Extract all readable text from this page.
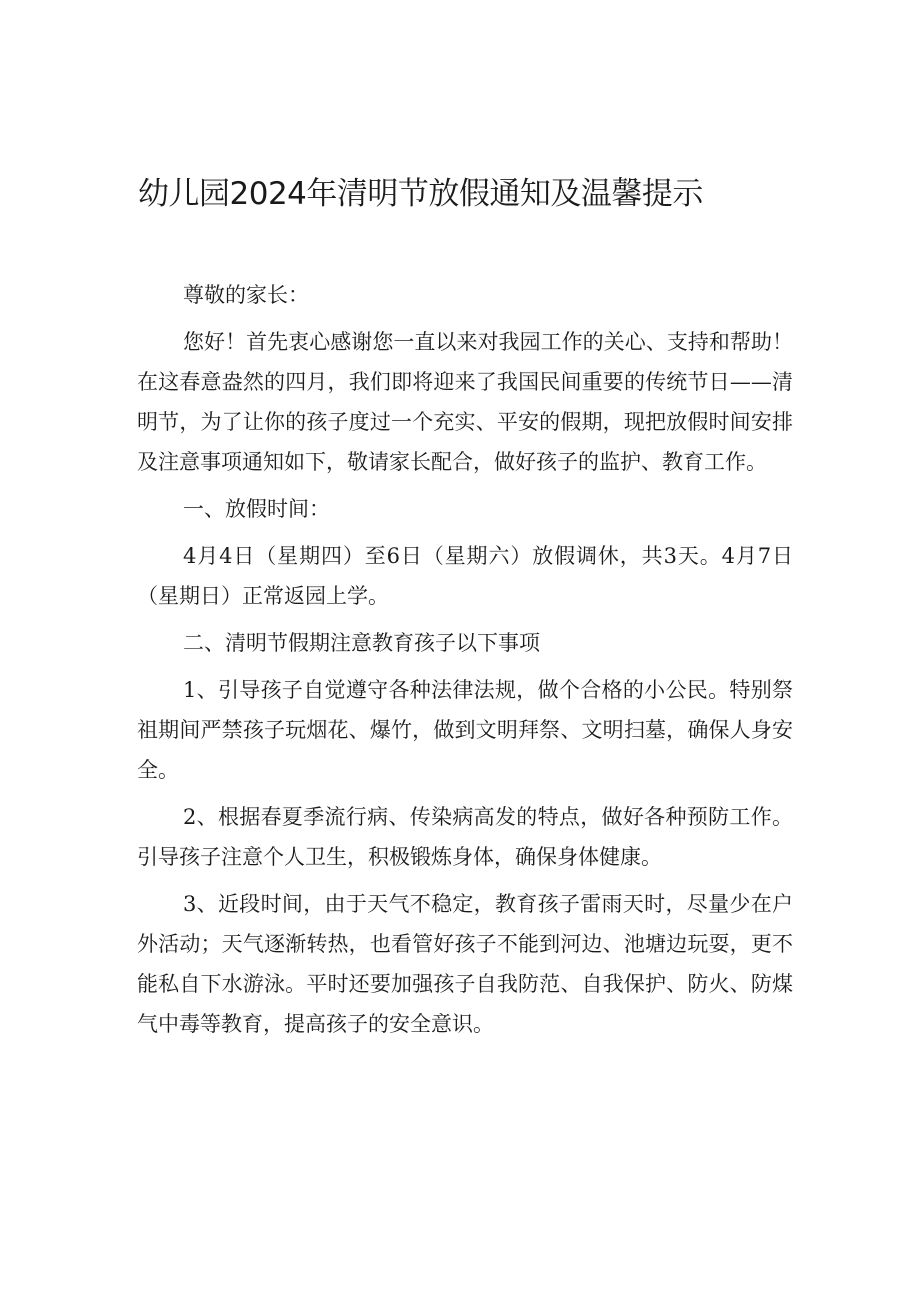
幼儿园2024年清明节放假通知及温馨提示

尊敬的家长：

您好！首先衷心感谢您一直以来对我园工作的关心、支持和帮助！在这春意盎然的四月，我们即将迎来了我国民间重要的传统节日——清明节，为了让你的孩子度过一个充实、平安的假期，现把放假时间安排及注意事项通知如下，敬请家长配合，做好孩子的监护、教育工作。

一、放假时间：

4月4日（星期四）至6日（星期六）放假调休，共3天。4月7日（星期日）正常返园上学。

二、清明节假期注意教育孩子以下事项

1、引导孩子自觉遵守各种法律法规，做个合格的小公民。特别祭祖期间严禁孩子玩烟花、爆竹，做到文明拜祭、文明扫墓，确保人身安全。

2、根据春夏季流行病、传染病高发的特点，做好各种预防工作。引导孩子注意个人卫生，积极锻炼身体，确保身体健康。

3、近段时间，由于天气不稳定，教育孩子雷雨天时，尽量少在户外活动；天气逐渐转热，也看管好孩子不能到河边、池塘边玩耍，更不能私自下水游泳。平时还要加强孩子自我防范、自我保护、防火、防煤气中毒等教育，提高孩子的安全意识。
